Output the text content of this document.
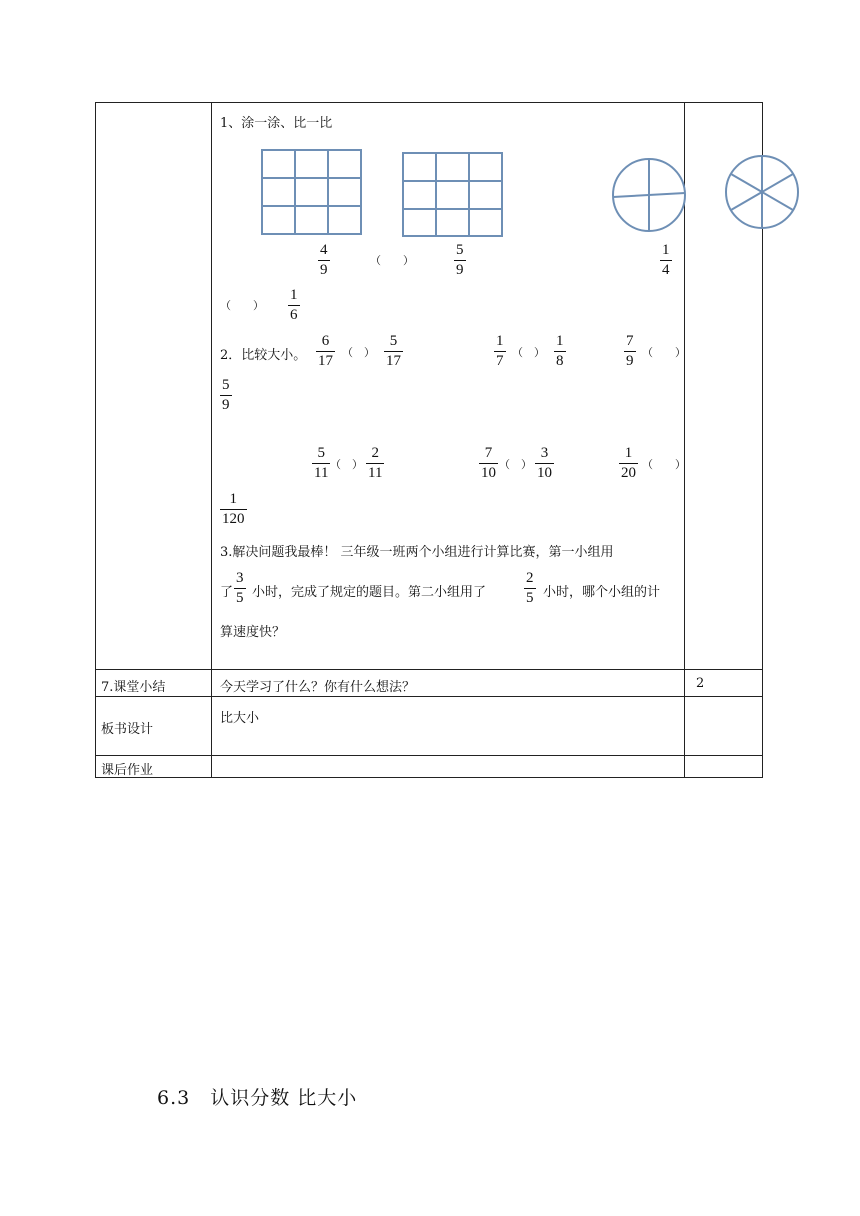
1、涂一涂、比一比
4
9
（　　）
5
9
1
4
（　　）
1
6
2．比较大小。
6
17
（　）
5
17
1
7
（　）
1
8
7
9
（　　）
5
9
5
11
（　）
2
11
7
10
（　）
3
10
1
20
（　　）
1
120
3.解决问题我最棒！ 三年级一班两个小组进行计算比赛，第一小组用
了
3
5 小时，完成了规定的题目。第二小组用了
2
5 小时，哪个小组的计
算速度快？
7.课堂小结	今天学习了什么？你有什么想法？	2
板书设计
比大小
课后作业
6.3　认识分数 比大小
